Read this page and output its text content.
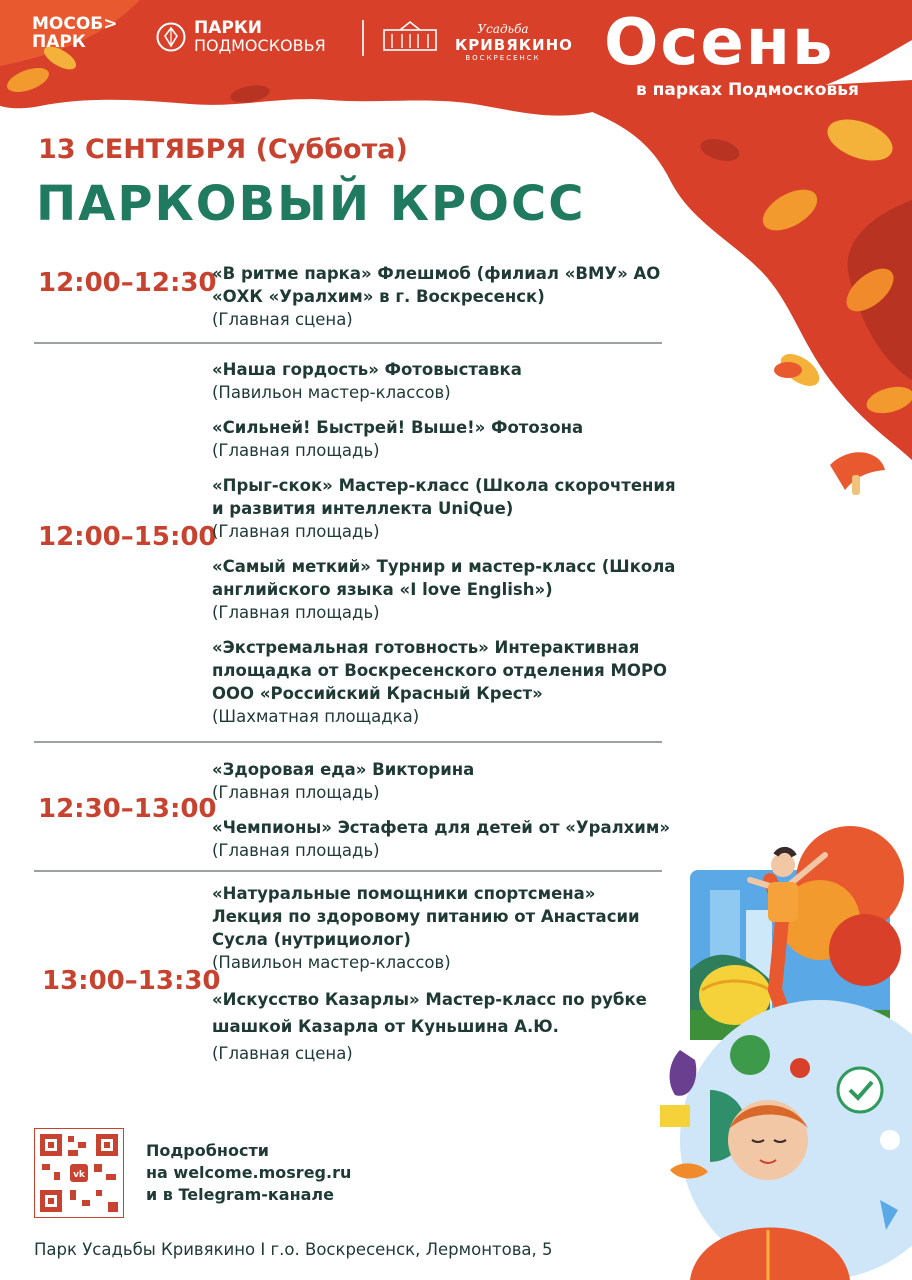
МОСОБ>
ПАРК
ПАРКИ
ПОДМОСКОВЬЯ
Усадьба
КРИВЯКИНО
ВОСКРЕСЕНСК Осень
в парках Подмосковья
13 СЕНТЯБРЯ (Суббота)
ПАРКОВЫЙ КРОСС
12:00–12:30
«В ритме парка» Флешмоб (филиал «ВМУ» АО «ОХК «Уралхим» в г. Воскресенск)
(Главная сцена)
12:00–15:00
«Наша гордость» Фотовыставка
(Павильон мастер-классов)
«Сильней! Быстрей! Выше!» Фотозона
(Главная площадь)
«Прыг-скок» Мастер-класс (Школа скорочтения и развития интеллекта UniQue)
(Главная площадь)
«Самый меткий» Турнир и мастер-класс (Школа английского языка «I love English»)
(Главная площадь)
«Экстремальная готовность» Интерактивная площадка от Воскресенского отделения МОРО ООО «Российский Красный Крест»
(Шахматная площадка)
12:30–13:00
«Здоровая еда» Викторина
(Главная площадь)
«Чемпионы» Эстафета для детей от «Уралхим»
(Главная площадь)
13:00–13:30
«Натуральные помощники спортсмена» Лекция по здоровому питанию от Анастасии Сусла (нутрициолог)
(Павильон мастер-классов)
«Искусство Казарлы» Мастер-класс по рубке шашкой Казарла от Куньшина А.Ю.
(Главная сцена)
vk
Подробности
на welcome.mosreg.ru
и в Telegram-канале
Парк Усадьбы Кривякино I г.о. Воскресенск, Лермонтова, 5
